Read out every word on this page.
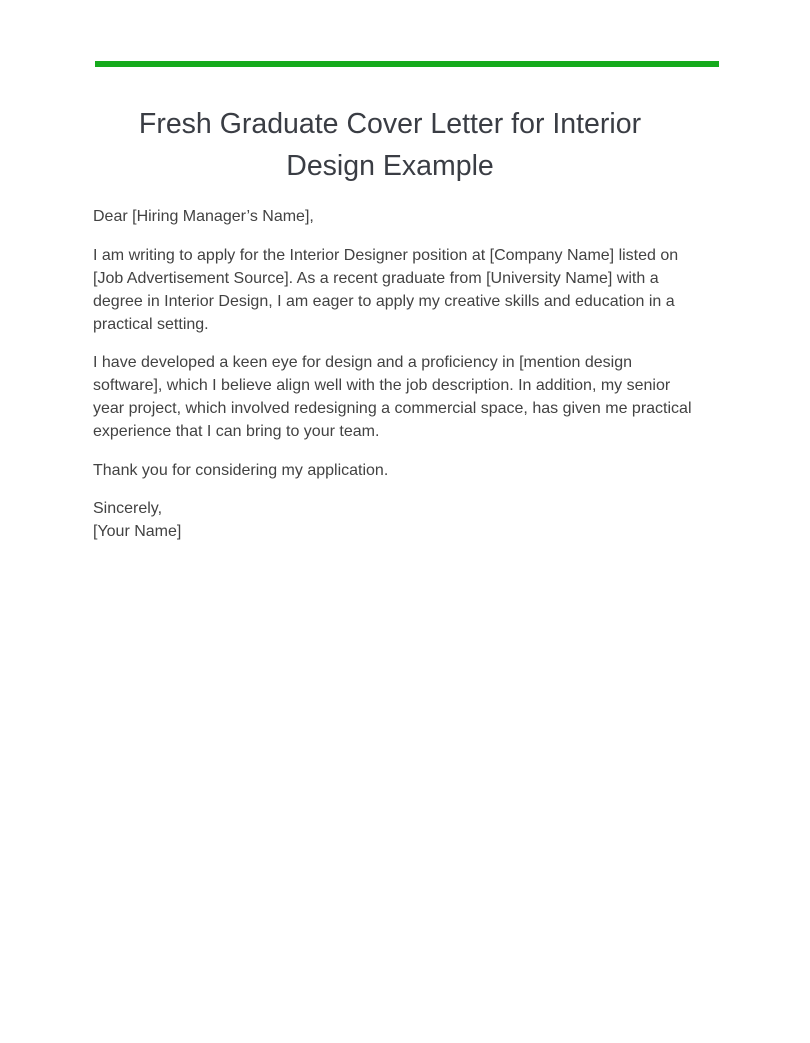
Fresh Graduate Cover Letter for Interior Design Example

Dear [Hiring Manager’s Name],

I am writing to apply for the Interior Designer position at [Company Name] listed on [Job Advertisement Source]. As a recent graduate from [University Name] with a degree in Interior Design, I am eager to apply my creative skills and education in a practical setting.

I have developed a keen eye for design and a proficiency in [mention design software], which I believe align well with the job description. In addition, my senior year project, which involved redesigning a commercial space, has given me practical experience that I can bring to your team.

Thank you for considering my application.

Sincerely,
[Your Name]
